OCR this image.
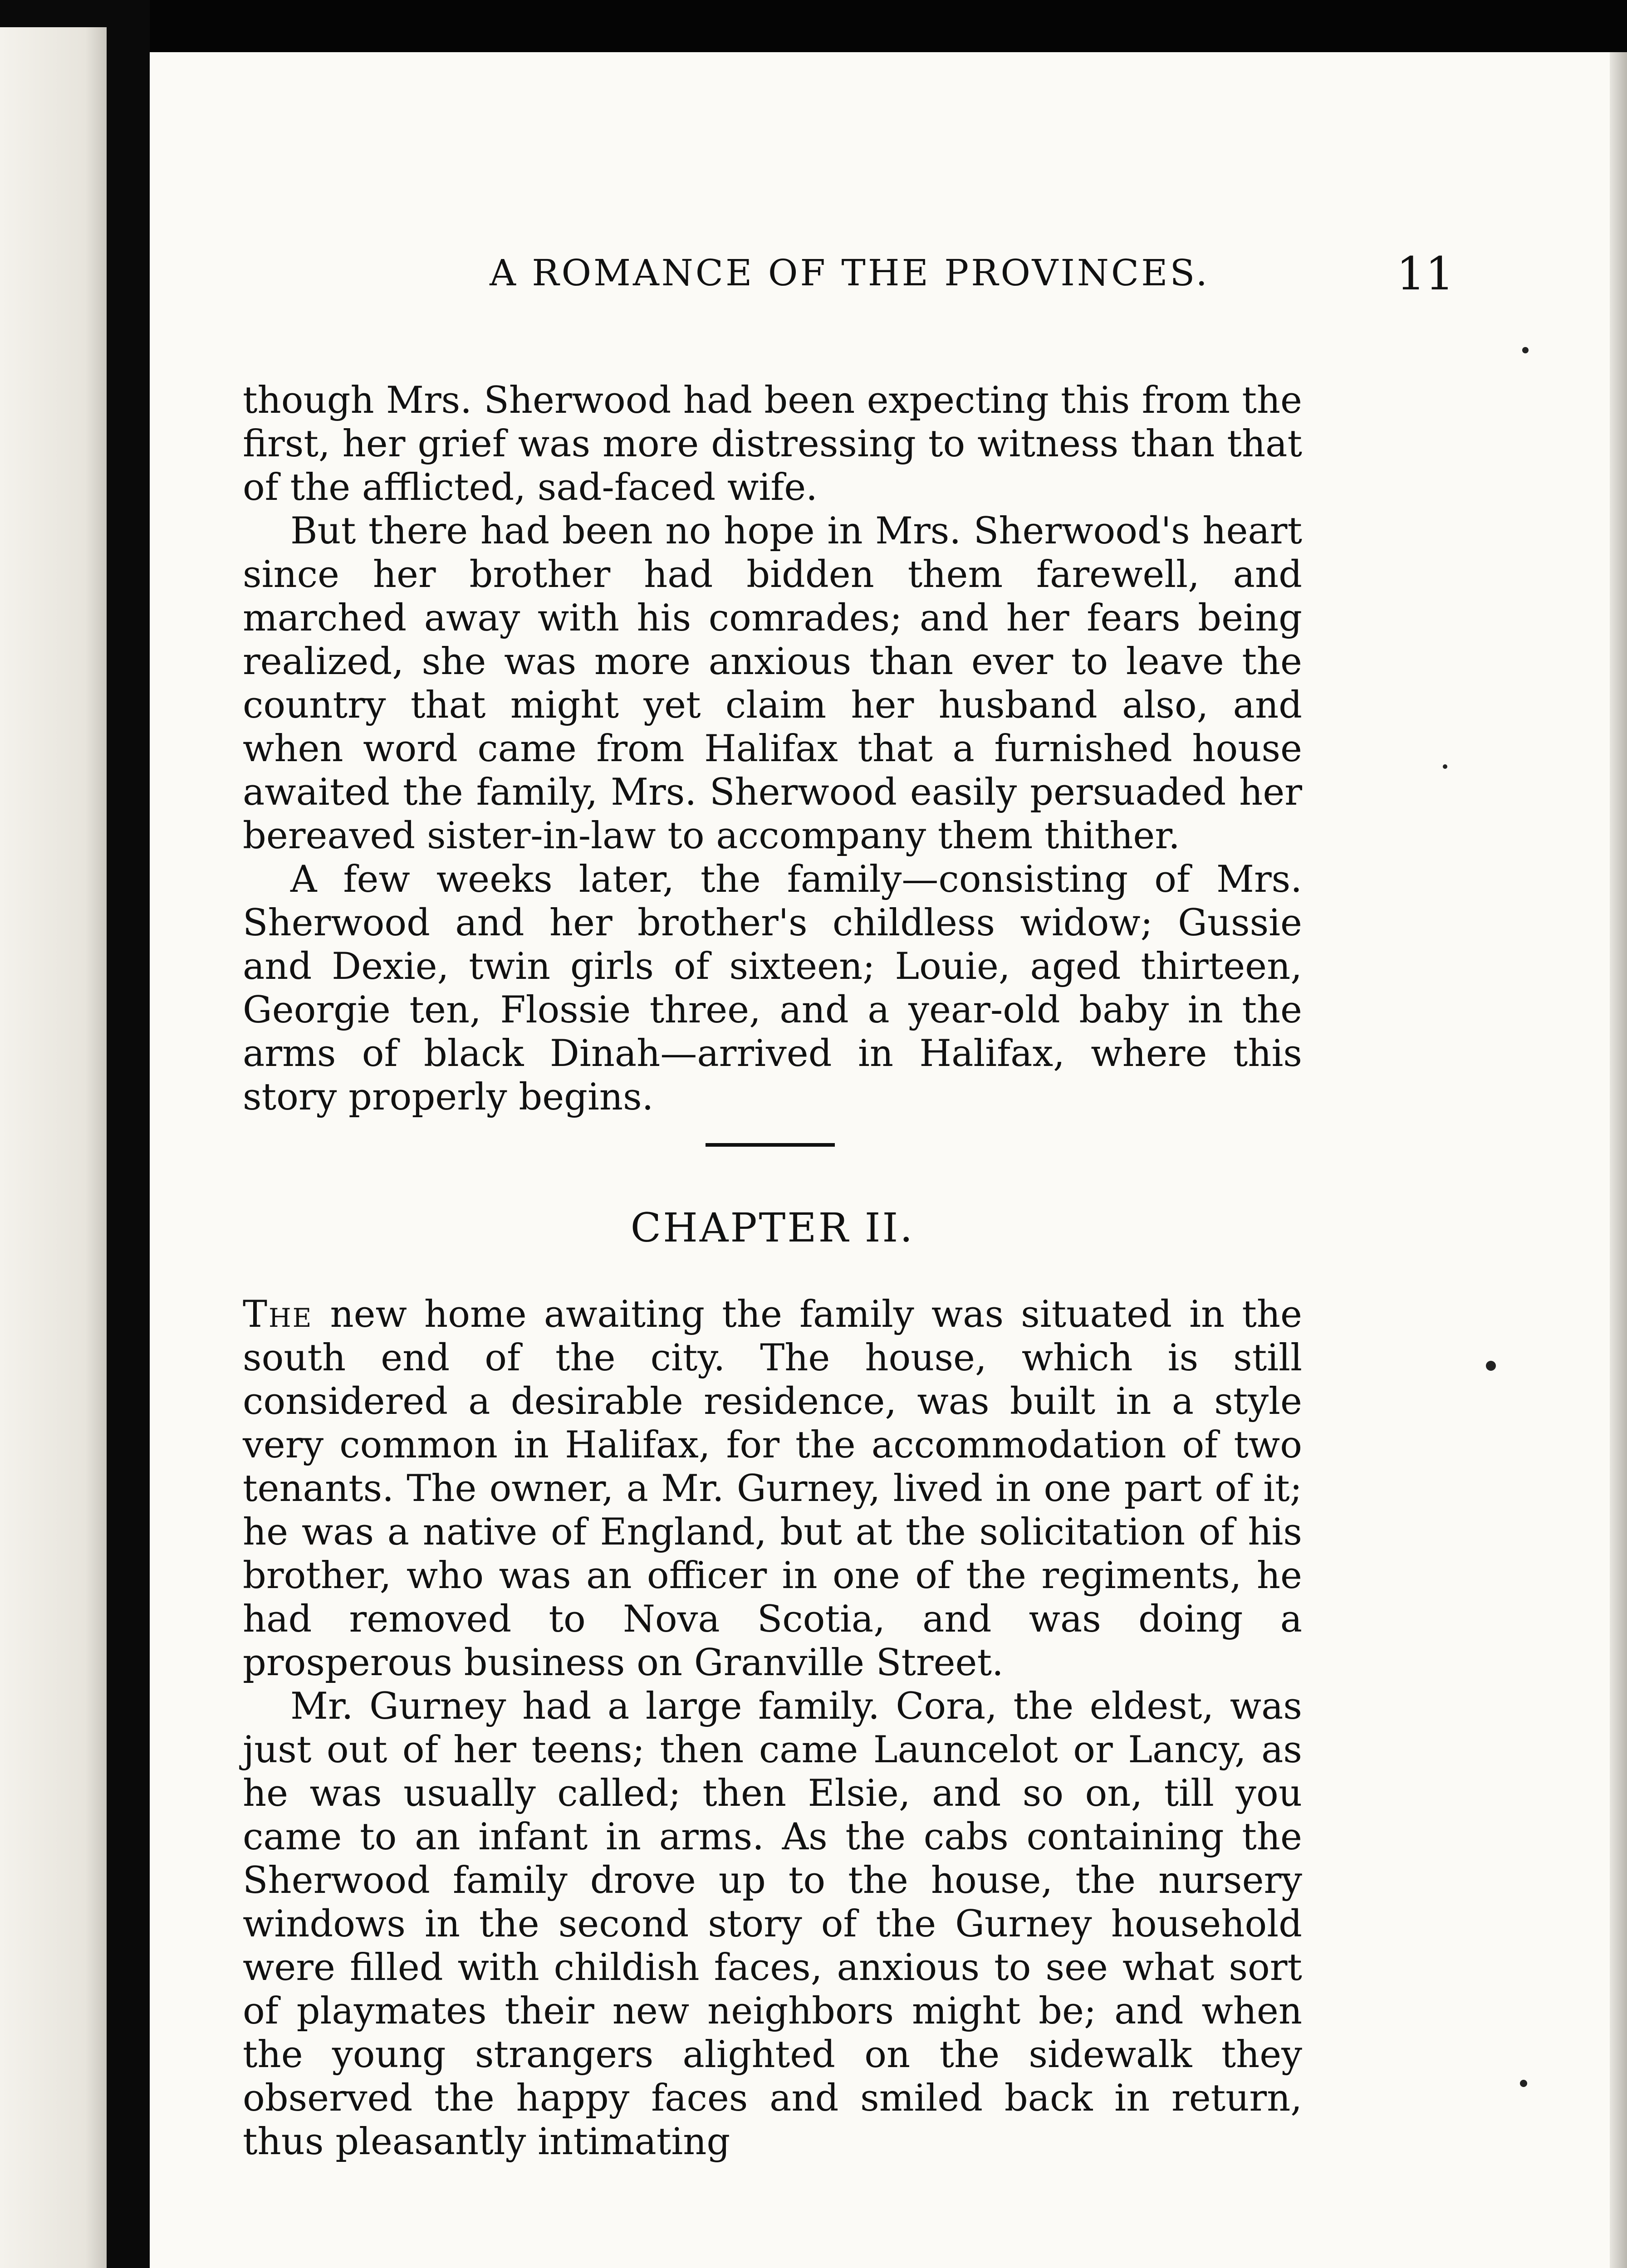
A ROMANCE OF THE PROVINCES.	11

though Mrs. Sherwood had been expecting this from the first, her grief was more distressing to witness than that of the afflicted, sad-faced wife.

But there had been no hope in Mrs. Sherwood's heart since her brother had bidden them farewell, and marched away with his comrades; and her fears being realized, she was more anxious than ever to leave the country that might yet claim her husband also, and when word came from Halifax that a furnished house awaited the family, Mrs. Sherwood easily persuaded her bereaved sister-in-law to accompany them thither.

A few weeks later, the family—consisting of Mrs. Sherwood and her brother's childless widow; Gussie and Dexie, twin girls of sixteen; Louie, aged thirteen, Georgie ten, Flossie three, and a year-old baby in the arms of black Dinah—arrived in Halifax, where this story properly begins.

CHAPTER II.

The new home awaiting the family was situated in the south end of the city. The house, which is still considered a desirable residence, was built in a style very common in Halifax, for the accommodation of two tenants. The owner, a Mr. Gurney, lived in one part of it; he was a native of England, but at the solicitation of his brother, who was an officer in one of the regiments, he had removed to Nova Scotia, and was doing a prosperous business on Granville Street.

Mr. Gurney had a large family. Cora, the eldest, was just out of her teens; then came Launcelot or Lancy, as he was usually called; then Elsie, and so on, till you came to an infant in arms. As the cabs containing the Sherwood family drove up to the house, the nursery windows in the second story of the Gurney household were filled with childish faces, anxious to see what sort of playmates their new neighbors might be; and when the young strangers alighted on the sidewalk they observed the happy faces and smiled back in return, thus pleasantly intimating
